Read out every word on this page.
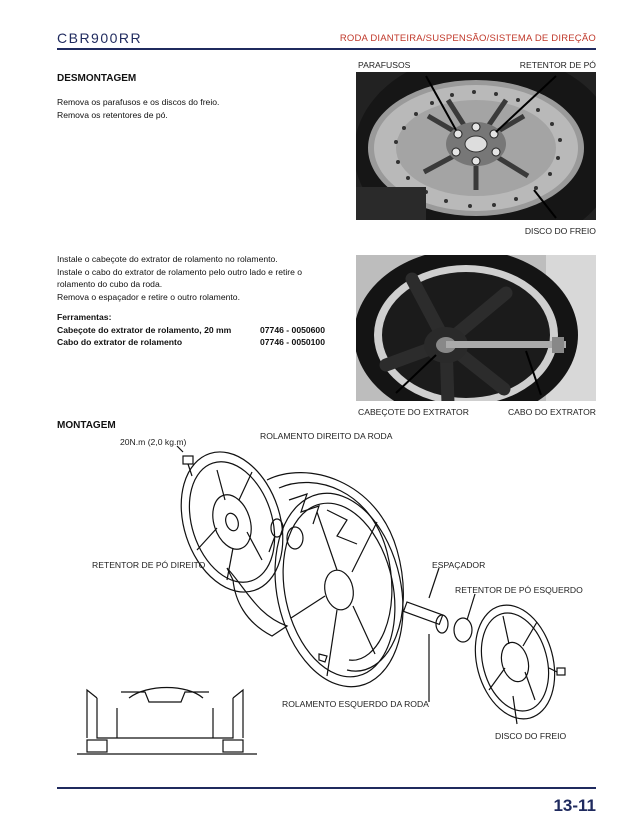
CBR900RR	RODA DIANTEIRA/SUSPENSÃO/SISTEMA DE DIREÇÃO
DESMONTAGEM
Remova os parafusos e os discos do freio.
Remova os retentores de pó.
PARAFUSOS	RETENTOR DE PÓ
DISCO DO FREIO
Instale o cabeçote do extrator de rolamento no rolamento.
Instale o cabo do extrator de rolamento pelo outro lado e retire o
rolamento do cubo da roda.
Remova o espaçador e retire o outro rolamento.
Ferramentas:
Cabeçote do extrator de rolamento, 20 mm	07746 - 0050600
Cabo do extrator de rolamento	07746 - 0050100
CABEÇOTE DO EXTRATOR	CABO DO EXTRATOR
MONTAGEM
20N.m (2,0 kg.m)
ROLAMENTO DIREITO DA RODA
RETENTOR DE PÓ DIREITO	ESPAÇADOR
RETENTOR DE PÓ ESQUERDO
ROLAMENTO ESQUERDO DA RODA
DISCO DO FREIO
13-11
